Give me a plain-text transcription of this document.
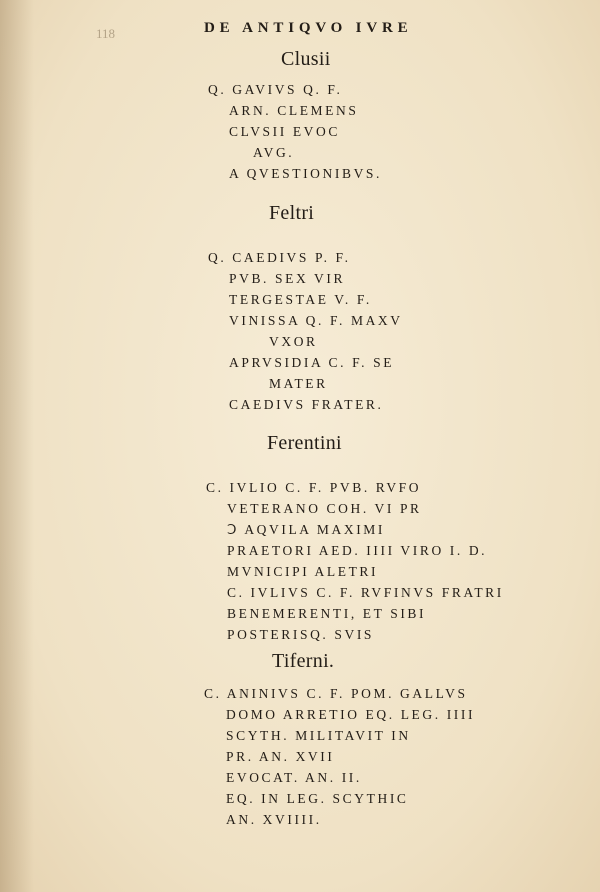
118	DE ANTIQVO IVRE
Clusii
Q. GAVIVS Q. F.
ARN. CLEMENS
CLVSII EVOC
AVG.
A QVESTIONIBVS.
Feltri
Q. CAEDIVS P. F.
PVB. SEX VIR
TERGESTAE V. F.
VINISSA Q. F. MAXV
VXOR
APRVSIDIA C. F. SE
MATER
CAEDIVS FRATER.
Ferentini
C. IVLIO C. F. PVB. RVFO
VETERANO COH. VI PR
Ↄ AQVILA MAXIMI
PRAETORI AED. IIII VIRO I. D.
MVNICIPI ALETRI
C. IVLIVS C. F. RVFINVS FRATRI
BENEMERENTI, ET SIBI
POSTERISQ. SVIS
Tiferni.
C. ANINIVS C. F. POM. GALLVS
DOMO ARRETIO EQ. LEG. IIII
SCYTH. MILITAVIT IN
PR. AN. XVII
EVOCAT. AN. II.
EQ. IN LEG. SCYTHIC
AN. XVIIII.
